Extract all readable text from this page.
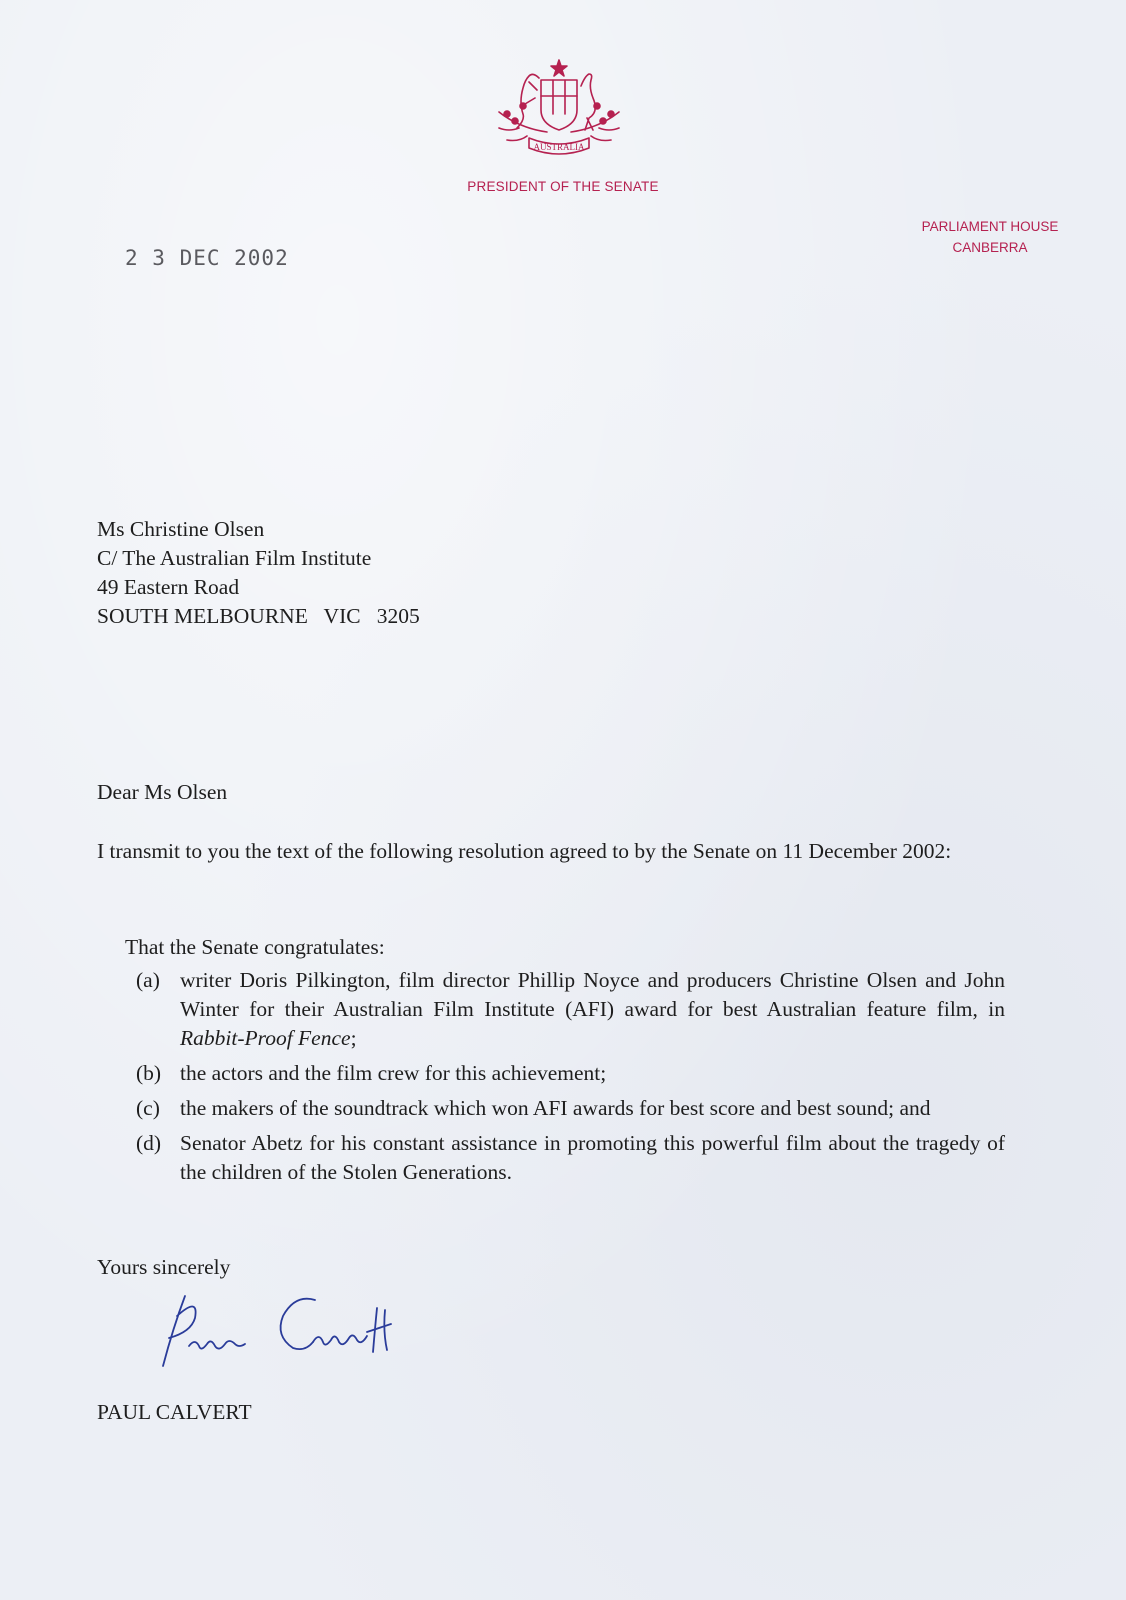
AUSTRALIA
PRESIDENT OF THE SENATE
PARLIAMENT HOUSE
CANBERRA
2 3 DEC 2002
Ms Christine Olsen
C/ The Australian Film Institute
49 Eastern Road
SOUTH MELBOURNE   VIC   3205
Dear Ms Olsen
I transmit to you the text of the following resolution agreed to by the Senate on 11 December 2002:
That the Senate congratulates:
(a) writer Doris Pilkington, film director Phillip Noyce and producers Christine Olsen and John Winter for their Australian Film Institute (AFI) award for best Australian feature film, in Rabbit-Proof Fence;
(b) the actors and the film crew for this achievement;
(c) the makers of the soundtrack which won AFI awards for best score and best sound; and
(d) Senator Abetz for his constant assistance in promoting this powerful film about the tragedy of the children of the Stolen Generations.
Yours sincerely
PAUL CALVERT
